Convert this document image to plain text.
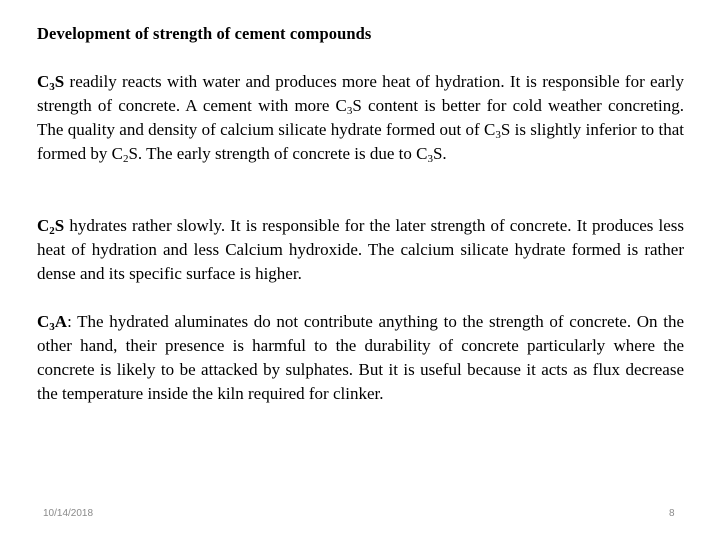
Development of strength of cement compounds
$C_3S$ readily reacts with water and produces more heat of hydration. It is responsible for early strength of concrete. A cement with more $C_3S$ content is better for cold weather concreting. The quality and density of calcium silicate hydrate formed out of $C_3S$ is slightly inferior to that formed by $C_2S$. The early strength of concrete is due to $C_3S$.
$C_2S$ hydrates rather slowly. It is responsible for the later strength of concrete. It produces less heat of hydration and less Calcium hydroxide. The calcium silicate hydrate formed is rather dense and its specific surface is higher.
$C_3A$: The hydrated aluminates do not contribute anything to the strength of concrete. On the other hand, their presence is harmful to the durability of concrete particularly where the concrete is likely to be attacked by sulphates. But it is useful because it acts as flux decrease the temperature inside the kiln required for clinker.
10/14/2018	8
